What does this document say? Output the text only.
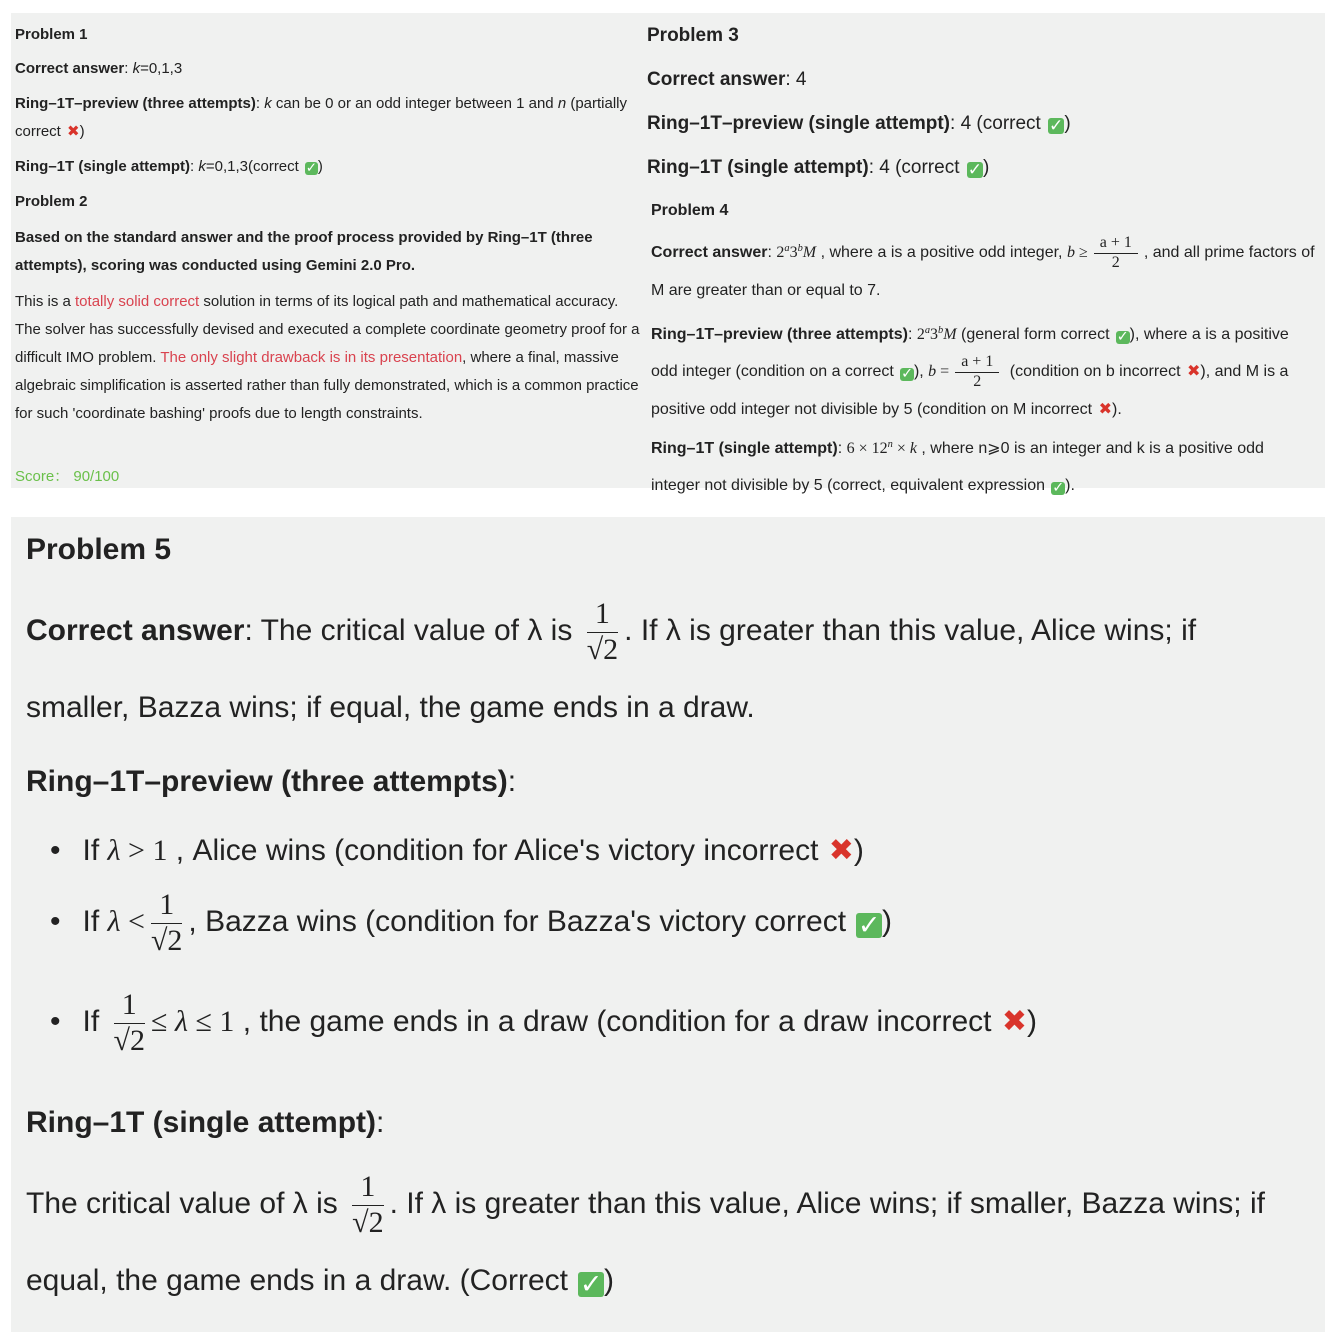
Problem 1
Correct answer: k=0,1,3
Ring–1T–preview (three attempts): k can be 0 or an odd integer between 1 and n (partially correct ✖)
Ring–1T (single attempt): k=0,1,3(correct ✓)
Problem 2
Based on the standard answer and the proof process provided by Ring–1T (three attempts), scoring was conducted using Gemini 2.0 Pro.
This is a totally solid correct solution in terms of its logical path and mathematical accuracy. The solver has successfully devised and executed a complete coordinate geometry proof for a difficult IMO problem. The only slight drawback is in its presentation, where a final, massive algebraic simplification is asserted rather than fully demonstrated, which is a common practice for such 'coordinate bashing' proofs due to length constraints.
Score： 90/100
Problem 3
Correct answer: 4
Ring–1T–preview (single attempt): 4 (correct ✓)
Ring–1T (single attempt): 4 (correct ✓)
Problem 4
Correct answer: 2$^a$3$^b$M , where a is a positive odd integer, $b \ge \frac{a + 1}{2}$ , and all prime factors of M are greater than or equal to 7.
Ring–1T–preview (three attempts): 2$^a$3$^b$M (general form correct ✓), where a is a positive odd integer (condition on a correct ✓), $b = \frac{a + 1}{2}$ (condition on b incorrect ✖), and M is a positive odd integer not divisible by 5 (condition on M incorrect ✖).
Ring–1T (single attempt): $6 \times 12^n \times k$ , where n⩾0 is an integer and k is a positive odd integer not divisible by 5 (correct, equivalent expression ✓).
Problem 5
Correct answer: The critical value of λ is $\frac{1}{√2}$ . If λ is greater than this value, Alice wins; if smaller, Bazza wins; if equal, the game ends in a draw.
Ring–1T–preview (three attempts):
• If λ > 1 , Alice wins (condition for Alice's victory incorrect ✖)
• If $\lambda < \frac{1}{√2}$ , Bazza wins (condition for Bazza's victory correct ✓)
• If $\frac{1}{√2} \le \lambda \le 1$ , the game ends in a draw (condition for a draw incorrect ✖)
Ring–1T (single attempt):
The critical value of λ is $\frac{1}{√2}$ . If λ is greater than this value, Alice wins; if smaller, Bazza wins; if equal, the game ends in a draw. (Correct ✓)
